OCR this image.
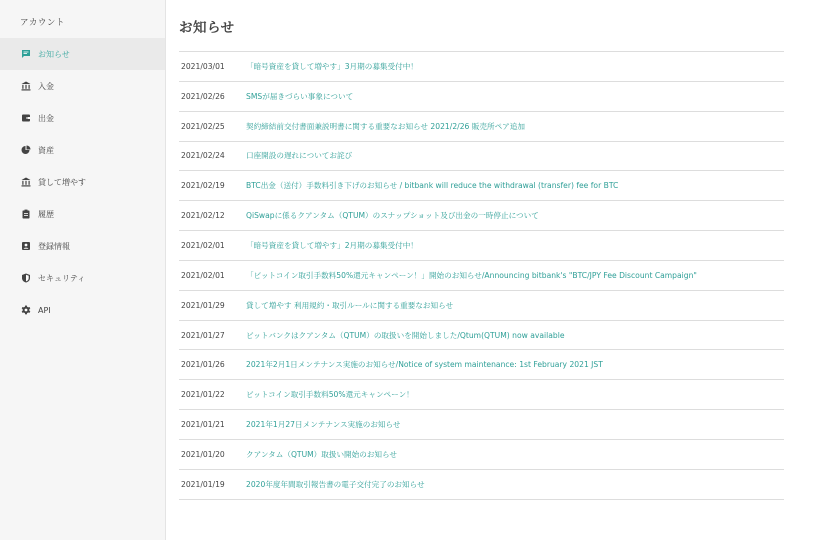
アカウント
お知らせ
入金
出金
資産
貸して増やす
履歴
登録情報
セキュリティ
API
お知らせ
2021/03/01	「暗号資産を貸して増やす」3月期の募集受付中！
2021/02/26	SMSが届きづらい事象について
2021/02/25	契約締結前交付書面兼説明書に関する重要なお知らせ 2021/2/26 販売所ペア追加
2021/02/24	口座開設の遅れについてお詫び
2021/02/19	BTC出金（送付）手数料引き下げのお知らせ / bitbank will reduce the withdrawal (transfer) fee for BTC
2021/02/12	QiSwapに係るクアンタム（QTUM）のスナップショット及び出金の一時停止について
2021/02/01	「暗号資産を貸して増やす」2月期の募集受付中！
2021/02/01	「ビットコイン取引手数料50%還元キャンペーン！」開始のお知らせ/Announcing bitbank's "BTC/JPY Fee Discount Campaign"
2021/01/29	貸して増やす 利用規約・取引ルールに関する重要なお知らせ
2021/01/27	ビットバンクはクアンタム（QTUM）の取扱いを開始しました/Qtum(QTUM) now available
2021/01/26	2021年2月1日メンテナンス実施のお知らせ/Notice of system maintenance: 1st February 2021 JST
2021/01/22	ビットコイン取引手数料50%還元キャンペーン！
2021/01/21	2021年1月27日メンテナンス実施のお知らせ
2021/01/20	クアンタム（QTUM）取扱い開始のお知らせ
2021/01/19	2020年度年間取引報告書の電子交付完了のお知らせ
